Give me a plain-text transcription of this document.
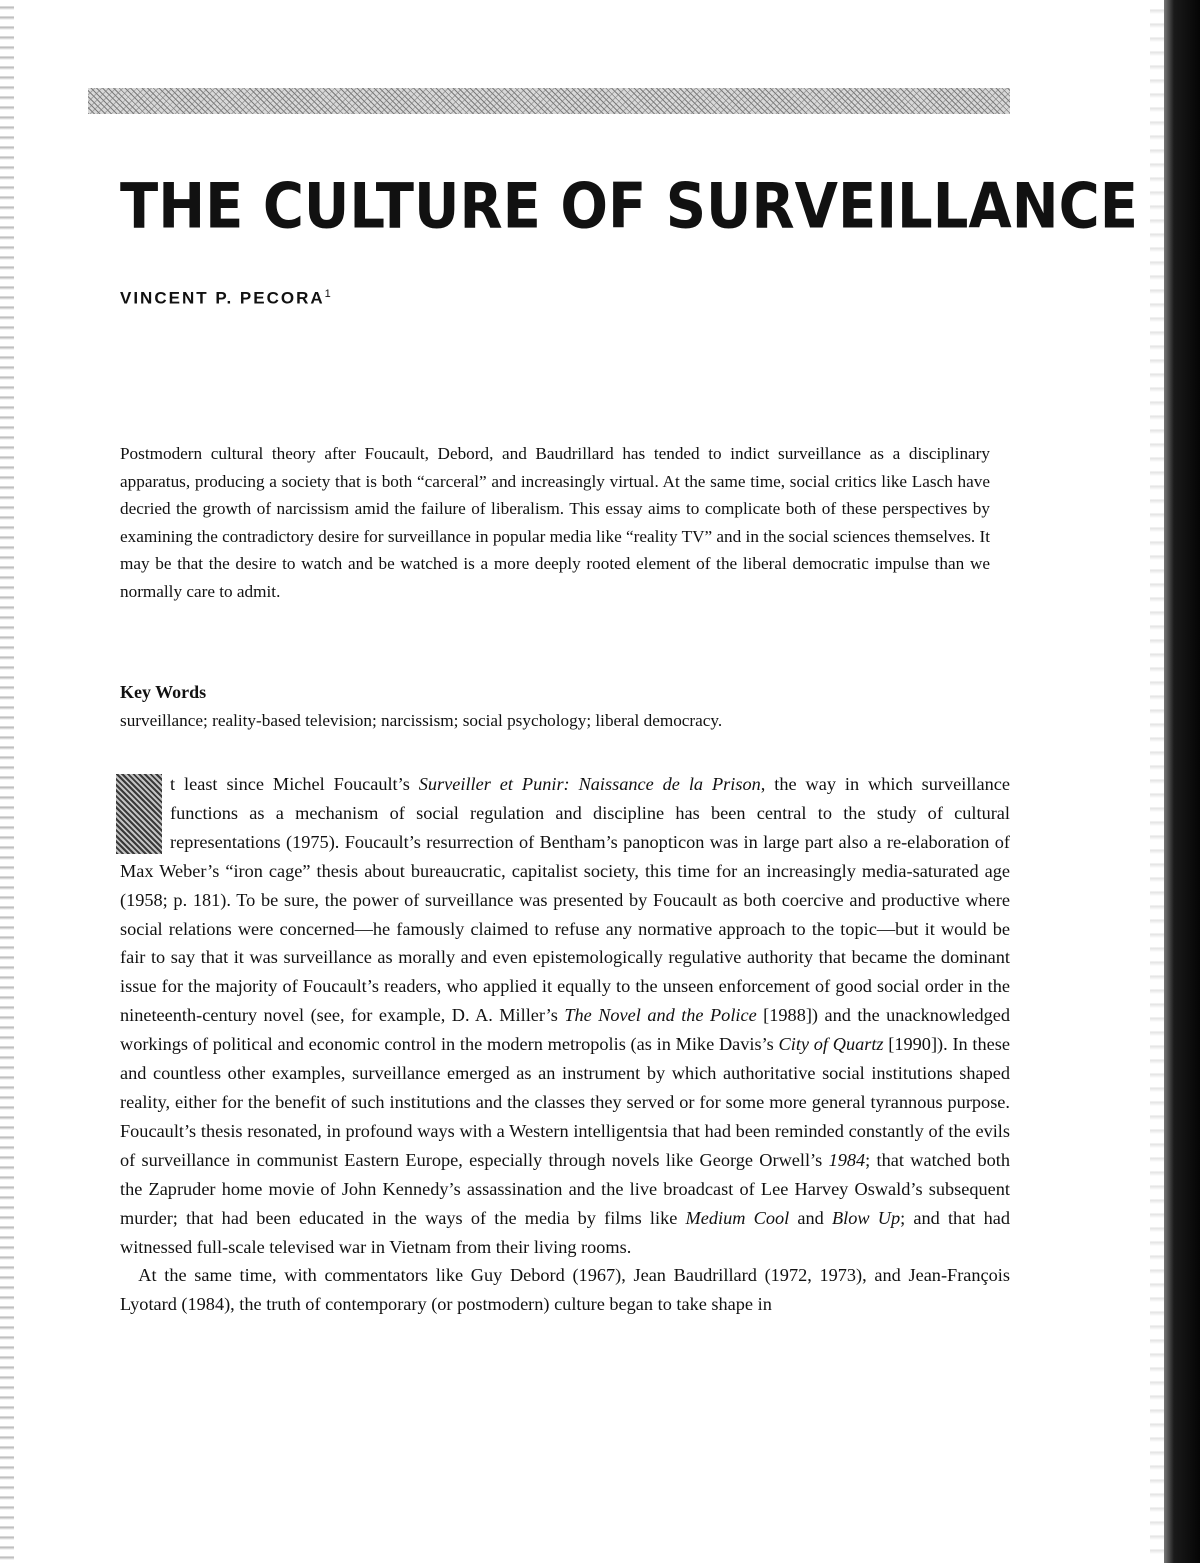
THE CULTURE OF SURVEILLANCE
VINCENT P. PECORA$^1$

Postmodern cultural theory after Foucault, Debord, and Baudrillard has tended to indict surveillance as a disciplinary apparatus, producing a society that is both “carceral” and increasingly virtual. At the same time, social critics like Lasch have decried the growth of narcissism amid the failure of liberalism. This essay aims to complicate both of these perspectives by examining the contradictory desire for surveillance in popular media like “reality TV” and in the social sciences themselves. It may be that the desire to watch and be watched is a more deeply rooted element of the liberal democratic impulse than we normally care to admit.

Key Words
surveillance; reality-based television; narcissism; social psychology; liberal democracy.

t least since Michel Foucault’s Surveiller et Punir: Naissance de la Prison, the way in which surveillance functions as a mechanism of social regulation and discipline has been central to the study of cultural representations (1975). Foucault’s resurrection of Bentham’s panopticon was in large part also a re-elaboration of Max Weber’s “iron cage” thesis about bureaucratic, capitalist society, this time for an increasingly media-saturated age (1958; p. 181). To be sure, the power of surveillance was presented by Foucault as both coercive and productive where social relations were concerned—he famously claimed to refuse any normative approach to the topic—but it would be fair to say that it was surveillance as morally and even epistemologically regulative authority that became the dominant issue for the majority of Foucault’s readers, who applied it equally to the unseen enforcement of good social order in the nineteenth-century novel (see, for example, D. A. Miller’s The Novel and the Police [1988]) and the unacknowledged workings of political and economic control in the modern metropolis (as in Mike Davis’s City of Quartz [1990]). In these and countless other examples, surveillance emerged as an instrument by which authoritative social institutions shaped reality, either for the benefit of such institutions and the classes they served or for some more general tyrannous purpose. Foucault’s thesis resonated, in profound ways with a Western intelligentsia that had been reminded constantly of the evils of surveillance in communist Eastern Europe, especially through novels like George Orwell’s 1984; that watched both the Zapruder home movie of John Kennedy’s assassination and the live broadcast of Lee Harvey Oswald’s subsequent murder; that had been educated in the ways of the media by films like Medium Cool and Blow Up; and that had witnessed full-scale televised war in Vietnam from their living rooms.

 At the same time, with commentators like Guy Debord (1967), Jean Baudrillard (1972, 1973), and Jean-François Lyotard (1984), the truth of contemporary (or postmodern) culture began to take shape in
